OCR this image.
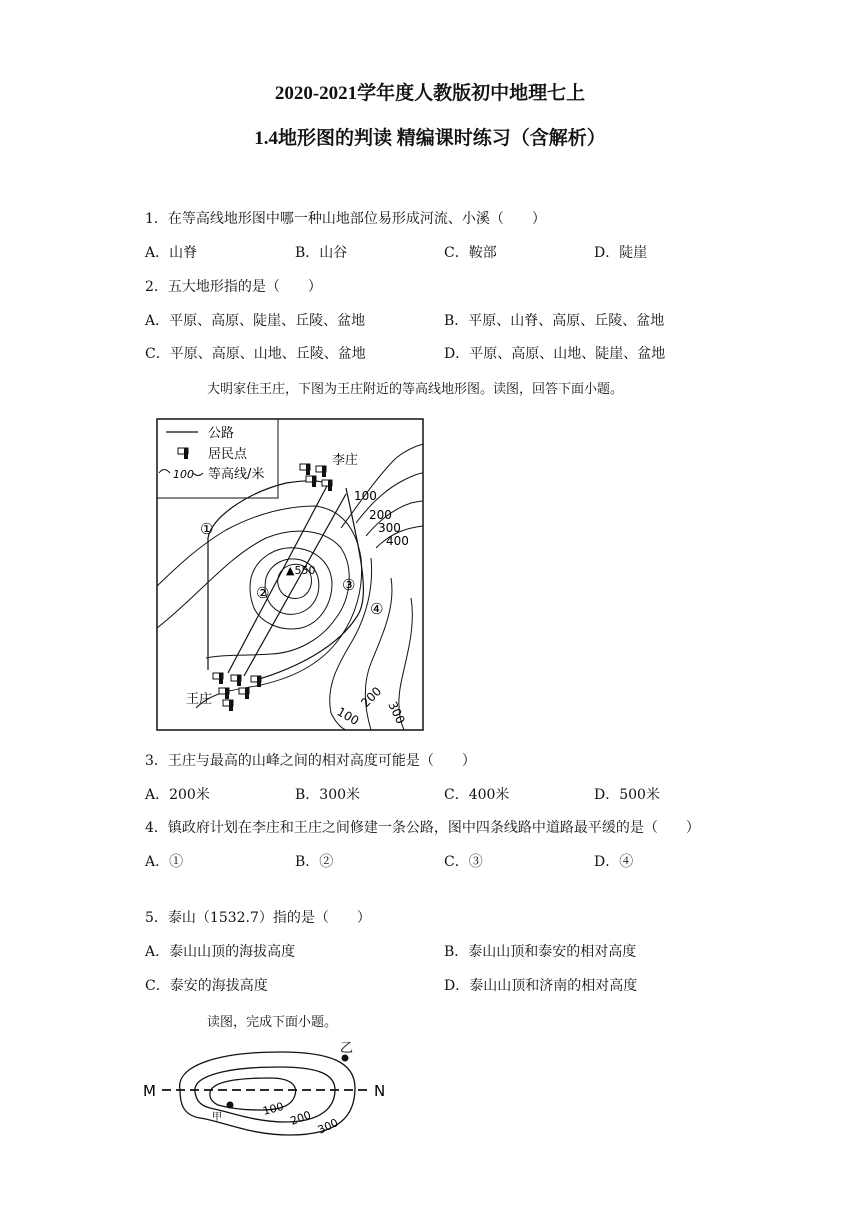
2020-2021学年度人教版初中地理七上
1.4地形图的判读 精编课时练习（含解析）
1．在等高线地形图中哪一种山地部位易形成河流、小溪（　　）
A．山脊	B．山谷	C．鞍部	D．陡崖
2．五大地形指的是（　　）
A．平原、高原、陡崖、丘陵、盆地	B．平原、山脊、高原、丘陵、盆地
C．平原、高原、山地、丘陵、盆地	D．平原、高原、山地、陡崖、盆地
大明家住王庄，下图为王庄附近的等高线地形图。读图，回答下面小题。
公路
居民点
100 等高线/米
李庄
王庄
▲550
①
②	③
④
100
200
300
400
300
200
100
3．王庄与最高的山峰之间的相对高度可能是（　　）
A．200米	B．300米	C．400米	D．500米
4．镇政府计划在李庄和王庄之间修建一条公路，图中四条线路中道路最平缓的是（　　）
A．①	B．②	C．③	D．④
5．泰山（1532.7）指的是（　　）
A．泰山山顶的海拔高度	B．泰山山顶和泰安的相对高度
C．泰安的海拔高度	D．泰山山顶和济南的相对高度
读图，完成下面小题。
M	N
乙
甲	100 200 300
